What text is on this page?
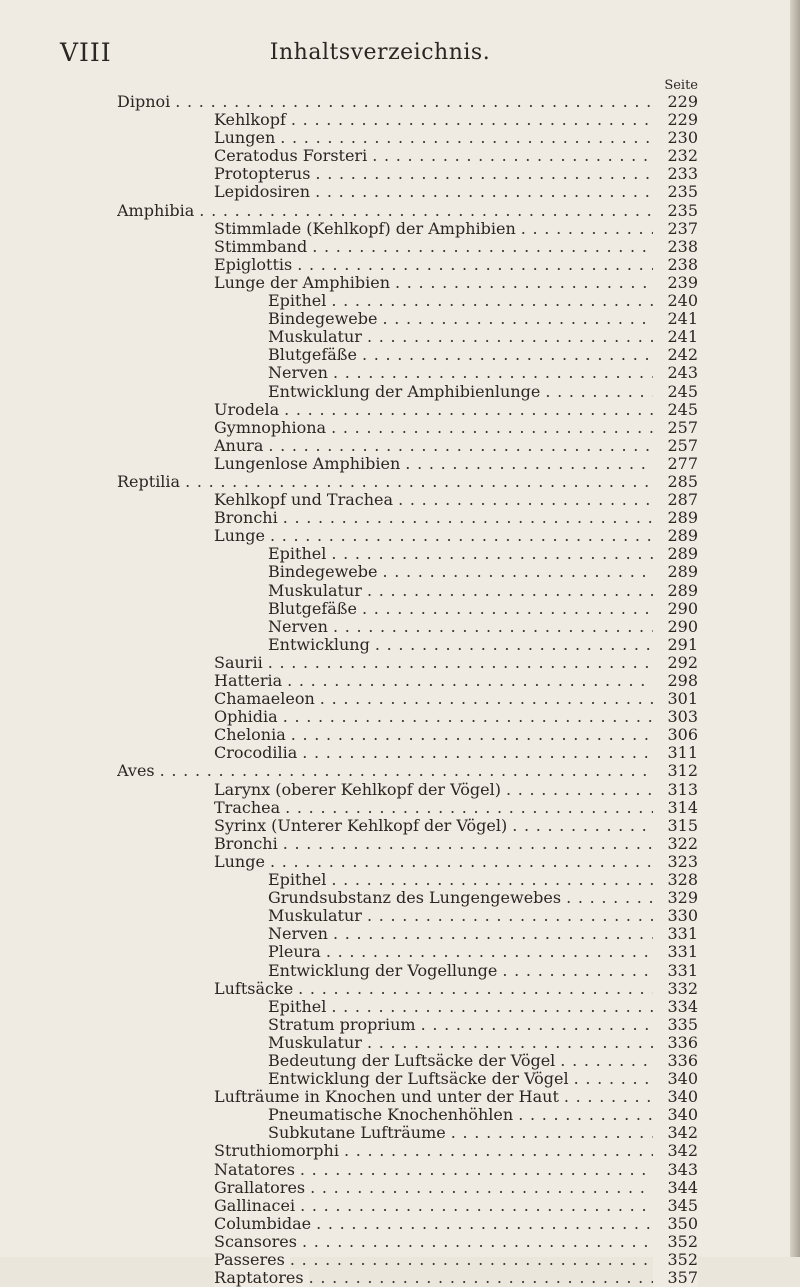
VIII	Inhaltsverzeichnis.
Seite
Dipnoi . . .	229
Kehlkopf . . .	229
Lungen . . .	230
Ceratodus Forsteri . . .	232
Protopterus . . .	233
Lepidosiren . . .	235
Amphibia . . .	235
Stimmlade (Kehlkopf) der Amphibien . . .	237
Stimmband . . .	238
Epiglottis . . .	238
Lunge der Amphibien . . .	239
Epithel . . .	240
Bindegewebe . . .	241
Muskulatur . . .	241
Blutgefäße . . .	242
Nerven . . .	243
Entwicklung der Amphibienlunge . . .	245
Urodela . . .	245
Gymnophiona . . .	257
Anura . . .	257
Lungenlose Amphibien . . .	277
Reptilia . . .	285
Kehlkopf und Trachea . . .	287
Bronchi . . .	289
Lunge . . .	289
Epithel . . .	289
Bindegewebe . . .	289
Muskulatur . . .	289
Blutgefäße . . .	290
Nerven . . .	290
Entwicklung . . .	291
Saurii . . .	292
Hatteria . . .	298
Chamaeleon . . .	301
Ophidia . . .	303
Chelonia . . .	306
Crocodilia . . .	311
Aves . . .	312
Larynx (oberer Kehlkopf der Vögel) . . .	313
Trachea . . .	314
Syrinx (Unterer Kehlkopf der Vögel) . . .	315
Bronchi . . .	322
Lunge . . .	323
Epithel . . .	328
Grundsubstanz des Lungengewebes . . .	329
Muskulatur . . .	330
Nerven . . .	331
Pleura . . .	331
Entwicklung der Vogellunge . . .	331
Luftsäcke . . .	332
Epithel . . .	334
Stratum proprium . . .	335
Muskulatur . . .	336
Bedeutung der Luftsäcke der Vögel . . .	336
Entwicklung der Luftsäcke der Vögel . . .	340
Lufträume in Knochen und unter der Haut . . .	340
Pneumatische Knochenhöhlen . . .	340
Subkutane Lufträume . . .	342
Struthiomorphi . . .	342
Natatores . . .	343
Grallatores . . .	344
Gallinacei . . .	345
Columbidae . . .	350
Scansores . . .	352
Passeres . . .	352
Raptatores . . .	357
